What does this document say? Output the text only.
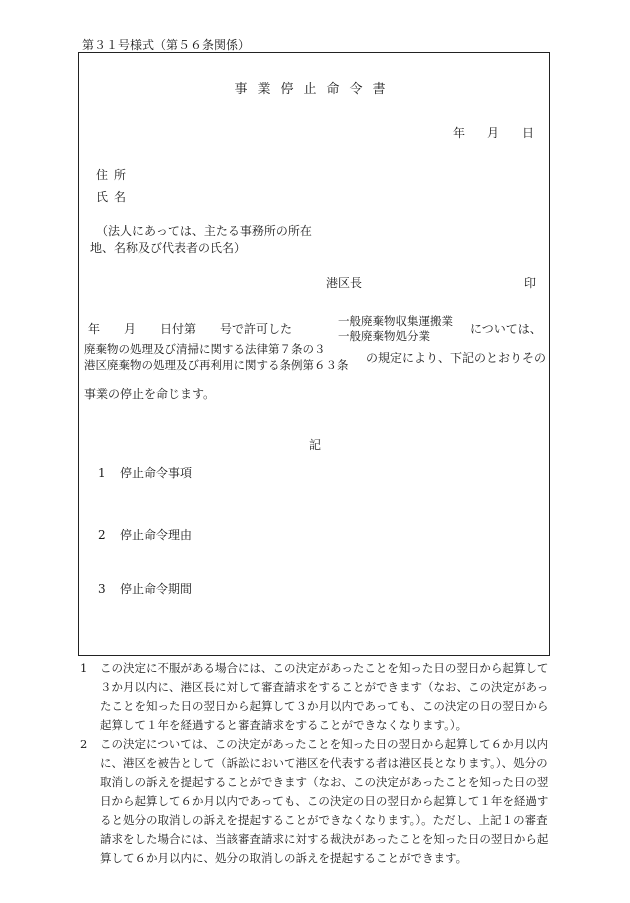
第３１号様式（第５６条関係）
事業停止命令書
年 月 日
住所
氏名
（法人にあっては、主たる事務所の所在
地、名称及び代表者の氏名）
港区長	印
年　　月　　日付第　　号で許可した
一般廃棄物収集運搬業
一般廃棄物処分業	については、
廃棄物の処理及び清掃に関する法律第７条の３
港区廃棄物の処理及び再利用に関する条例第６３条 の規定により、下記のとおりその
事業の停止を命じます。
記
1 停止命令事項
2 停止命令理由
3 停止命令期間
1 この決定に不服がある場合には、この決定があったことを知った日の翌日から起算して３か月以内に、港区長に対して審査請求をすることができます（なお、この決定があったことを知った日の翌日から起算して３か月以内であっても、この決定の日の翌日から起算して１年を経過すると審査請求をすることができなくなります。）。
2 この決定については、この決定があったことを知った日の翌日から起算して６か月以内に、港区を被告として（訴訟において港区を代表する者は港区長となります。）、処分の取消しの訴えを提起することができます（なお、この決定があったことを知った日の翌日から起算して６か月以内であっても、この決定の日の翌日から起算して１年を経過すると処分の取消しの訴えを提起することができなくなります。）。ただし、上記１の審査請求をした場合には、当該審査請求に対する裁決があったことを知った日の翌日から起算して６か月以内に、処分の取消しの訴えを提起することができます。
